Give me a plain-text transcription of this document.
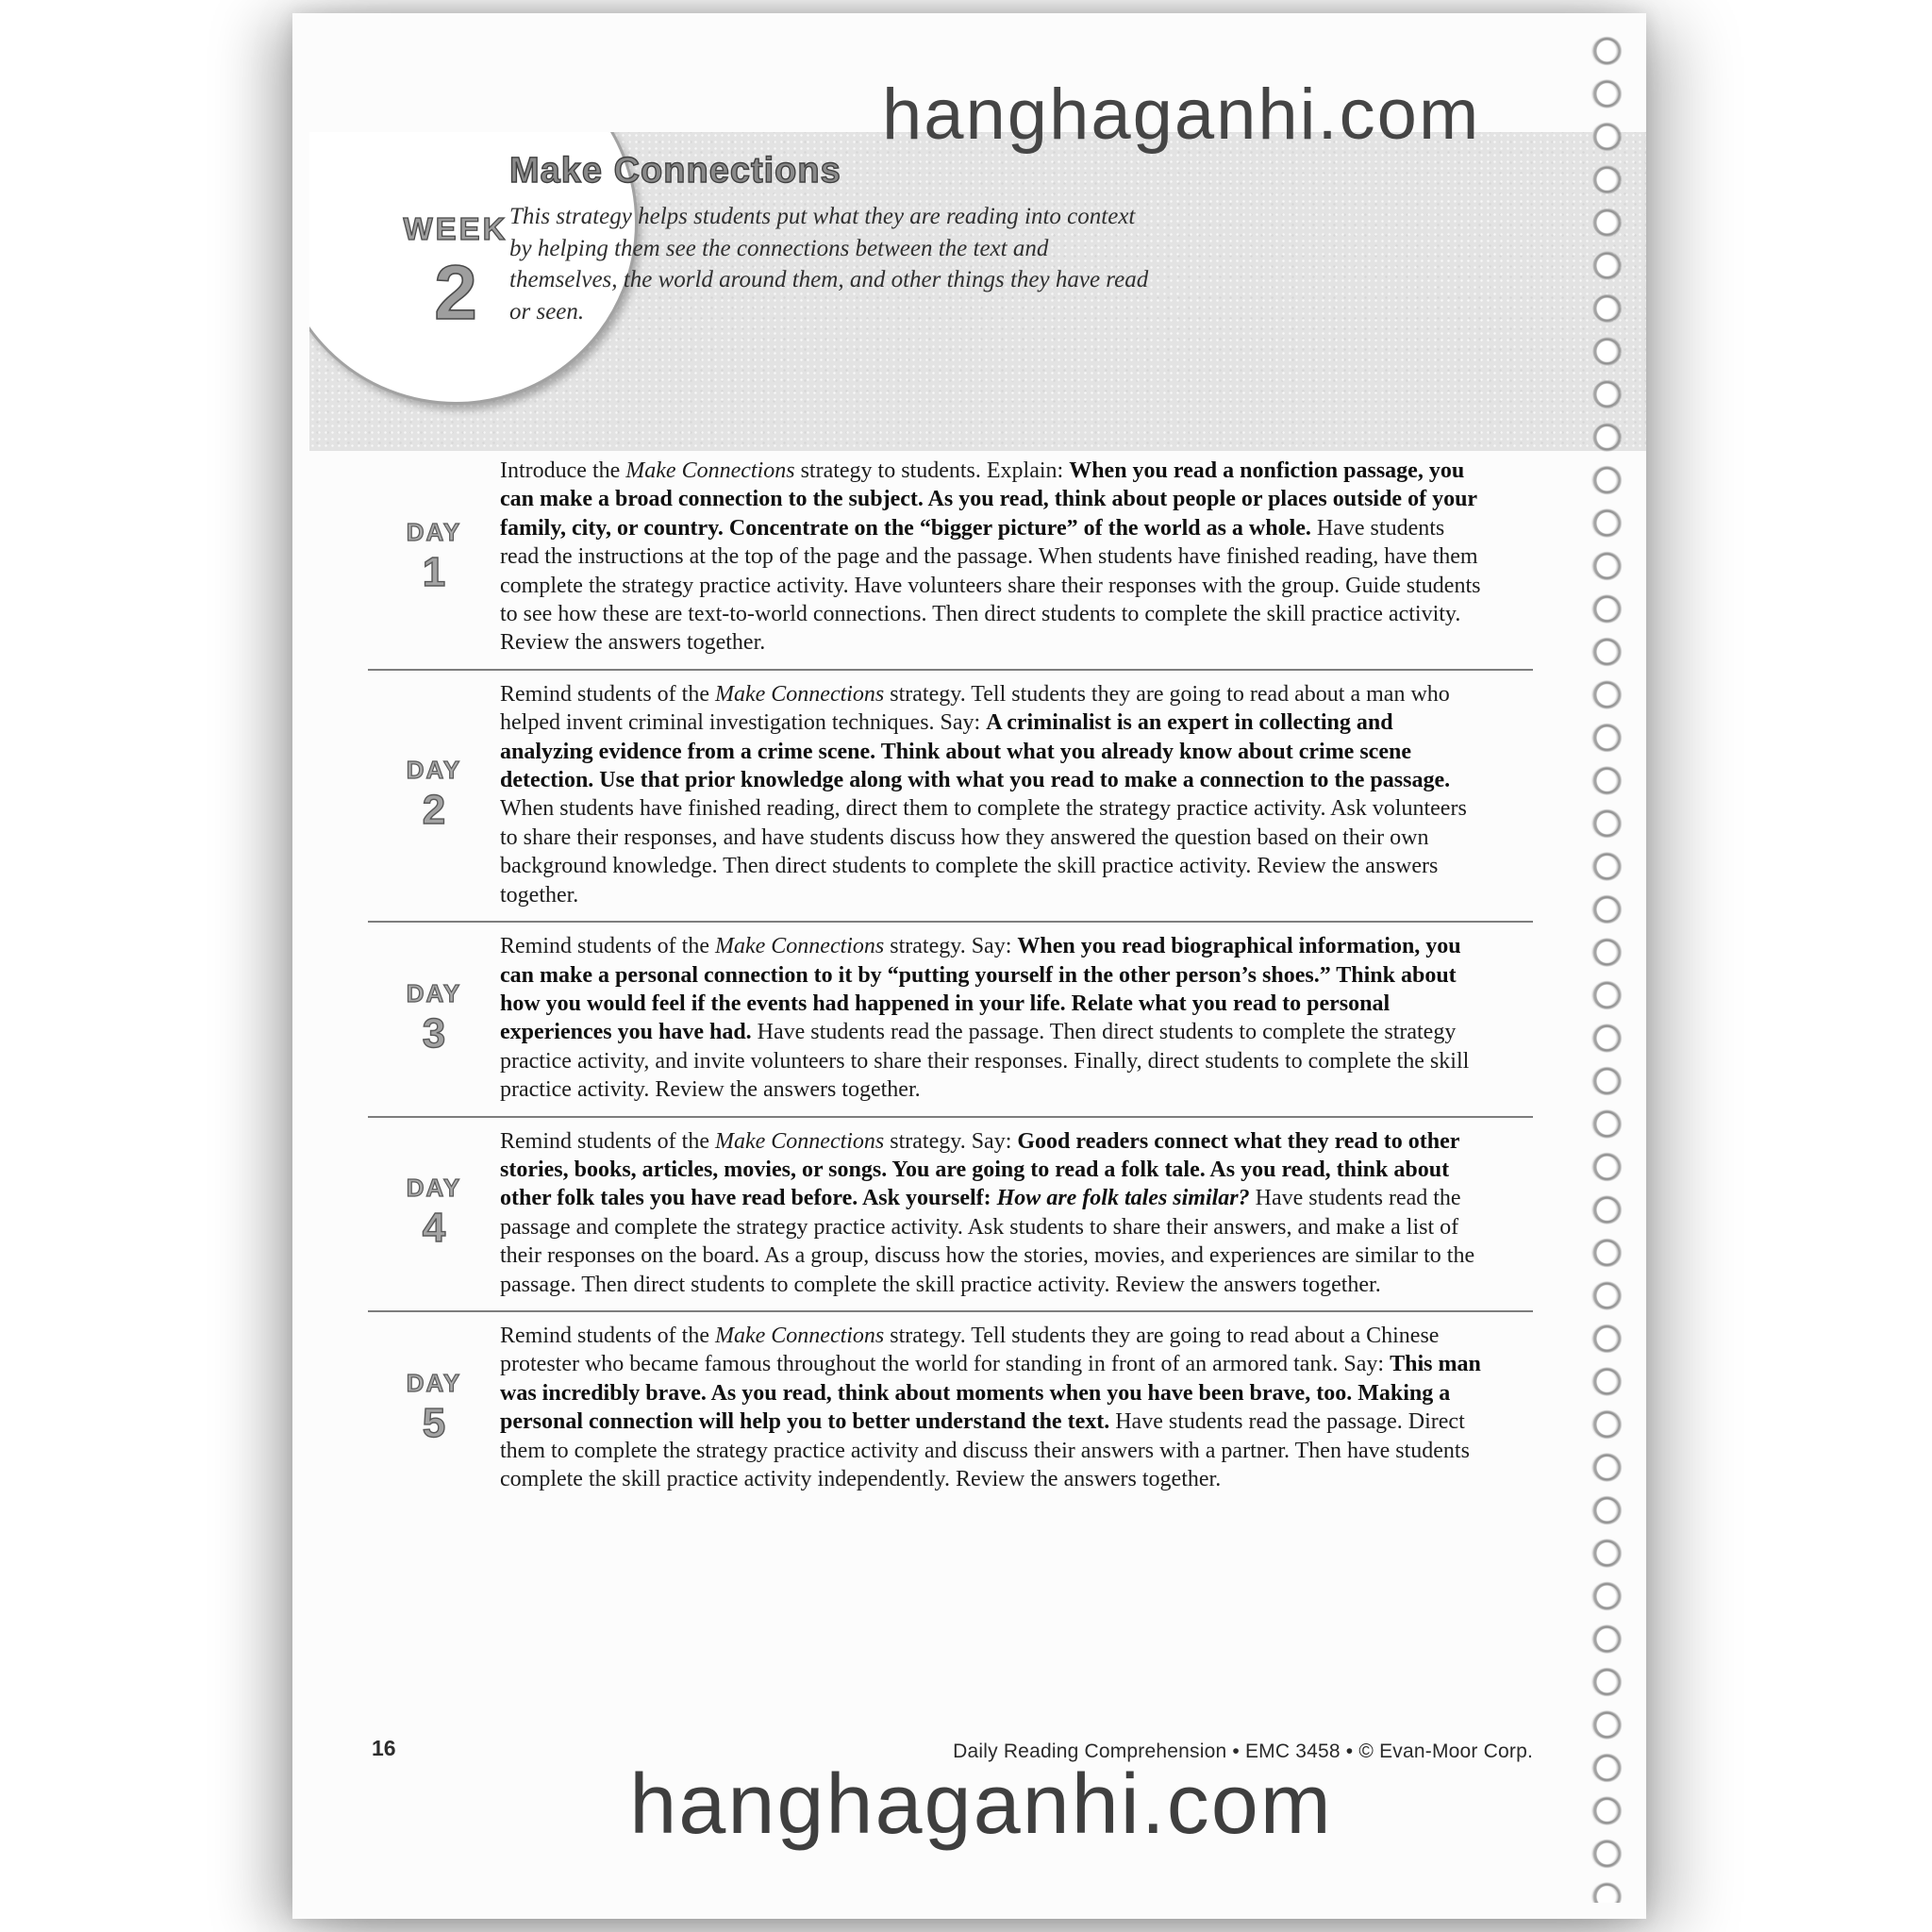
WEEK
2
Make Connections
This strategy helps students put what they are reading into context by helping them see the connections between the text and themselves, the world around them, and other things they have read or seen.
DAY
1
Introduce the Make Connections strategy to students. Explain: When you read a nonfiction passage, you can make a broad connection to the subject. As you read, think about people or places outside of your family, city, or country. Concentrate on the “bigger picture” of the world as a whole. Have students read the instructions at the top of the page and the passage. When students have finished reading, have them complete the strategy practice activity. Have volunteers share their responses with the group. Guide students to see how these are text-to-world connections. Then direct students to complete the skill practice activity. Review the answers together.
DAY
2
Remind students of the Make Connections strategy. Tell students they are going to read about a man who helped invent criminal investigation techniques. Say: A criminalist is an expert in collecting and analyzing evidence from a crime scene. Think about what you already know about crime scene detection. Use that prior knowledge along with what you read to make a connection to the passage. When students have finished reading, direct them to complete the strategy practice activity. Ask volunteers to share their responses, and have students discuss how they answered the question based on their own background knowledge. Then direct students to complete the skill practice activity. Review the answers together.
DAY
3
Remind students of the Make Connections strategy. Say: When you read biographical information, you can make a personal connection to it by “putting yourself in the other person’s shoes.” Think about how you would feel if the events had happened in your life. Relate what you read to personal experiences you have had. Have students read the passage. Then direct students to complete the strategy practice activity, and invite volunteers to share their responses. Finally, direct students to complete the skill practice activity. Review the answers together.
DAY
4
Remind students of the Make Connections strategy. Say: Good readers connect what they read to other stories, books, articles, movies, or songs. You are going to read a folk tale. As you read, think about other folk tales you have read before. Ask yourself: How are folk tales similar? Have students read the passage and complete the strategy practice activity. Ask students to share their answers, and make a list of their responses on the board. As a group, discuss how the stories, movies, and experiences are similar to the passage. Then direct students to complete the skill practice activity. Review the answers together.
DAY
5
Remind students of the Make Connections strategy. Tell students they are going to read about a Chinese protester who became famous throughout the world for standing in front of an armored tank. Say: This man was incredibly brave. As you read, think about moments when you have been brave, too. Making a personal connection will help you to better understand the text. Have students read the passage. Direct them to complete the strategy practice activity and discuss their answers with a partner. Then have students complete the skill practice activity independently. Review the answers together.
16	Daily Reading Comprehension • EMC 3458 • © Evan-Moor Corp.
hanghaganhi.com
hanghaganhi.com
